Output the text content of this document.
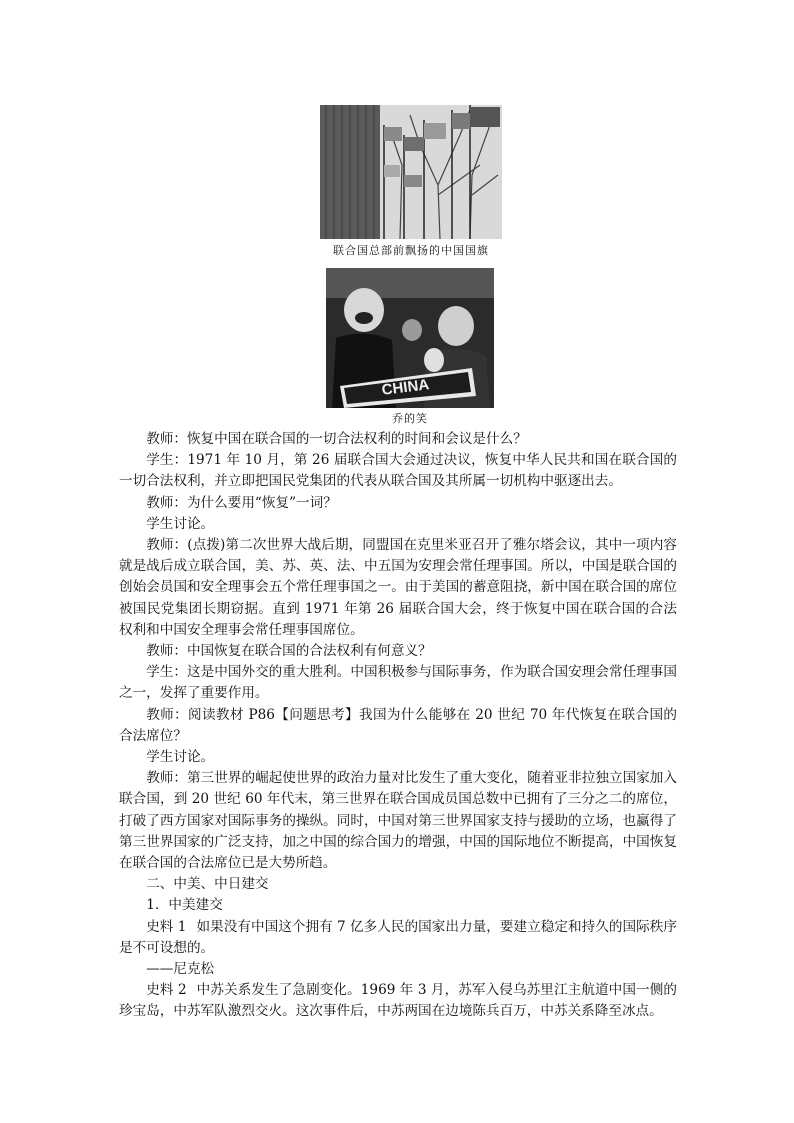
联合国总部前飘扬的中国国旗
CHINA
乔的笑

教师：恢复中国在联合国的一切合法权利的时间和会议是什么？

学生：1971 年 10 月，第 26 届联合国大会通过决议，恢复中华人民共和国在联合国的一切合法权利，并立即把国民党集团的代表从联合国及其所属一切机构中驱逐出去。

教师：为什么要用“恢复”一词？

学生讨论。

教师：(点拨)第二次世界大战后期，同盟国在克里米亚召开了雅尔塔会议，其中一项内容就是战后成立联合国，美、苏、英、法、中五国为安理会常任理事国。所以，中国是联合国的创始会员国和安全理事会五个常任理事国之一。由于美国的蓄意阻挠，新中国在联合国的席位被国民党集团长期窃据。直到 1971 年第 26 届联合国大会，终于恢复中国在联合国的合法权利和中国安全理事会常任理事国席位。

教师：中国恢复在联合国的合法权利有何意义？

学生：这是中国外交的重大胜利。中国积极参与国际事务，作为联合国安理会常任理事国之一，发挥了重要作用。

教师：阅读教材 P86【问题思考】我国为什么能够在 20 世纪 70 年代恢复在联合国的合法席位？

学生讨论。

教师：第三世界的崛起使世界的政治力量对比发生了重大变化，随着亚非拉独立国家加入联合国，到 20 世纪 60 年代末，第三世界在联合国成员国总数中已拥有了三分之二的席位，打破了西方国家对国际事务的操纵。同时，中国对第三世界国家支持与援助的立场，也赢得了第三世界国家的广泛支持，加之中国的综合国力的增强，中国的国际地位不断提高，中国恢复在联合国的合法席位已是大势所趋。

二、中美、中日建交

1．中美建交

史料 1 如果没有中国这个拥有 7 亿多人民的国家出力量，要建立稳定和持久的国际秩序是不可设想的。

——尼克松

史料 2 中苏关系发生了急剧变化。1969 年 3 月，苏军入侵乌苏里江主航道中国一侧的珍宝岛，中苏军队激烈交火。这次事件后，中苏两国在边境陈兵百万，中苏关系降至冰点。
